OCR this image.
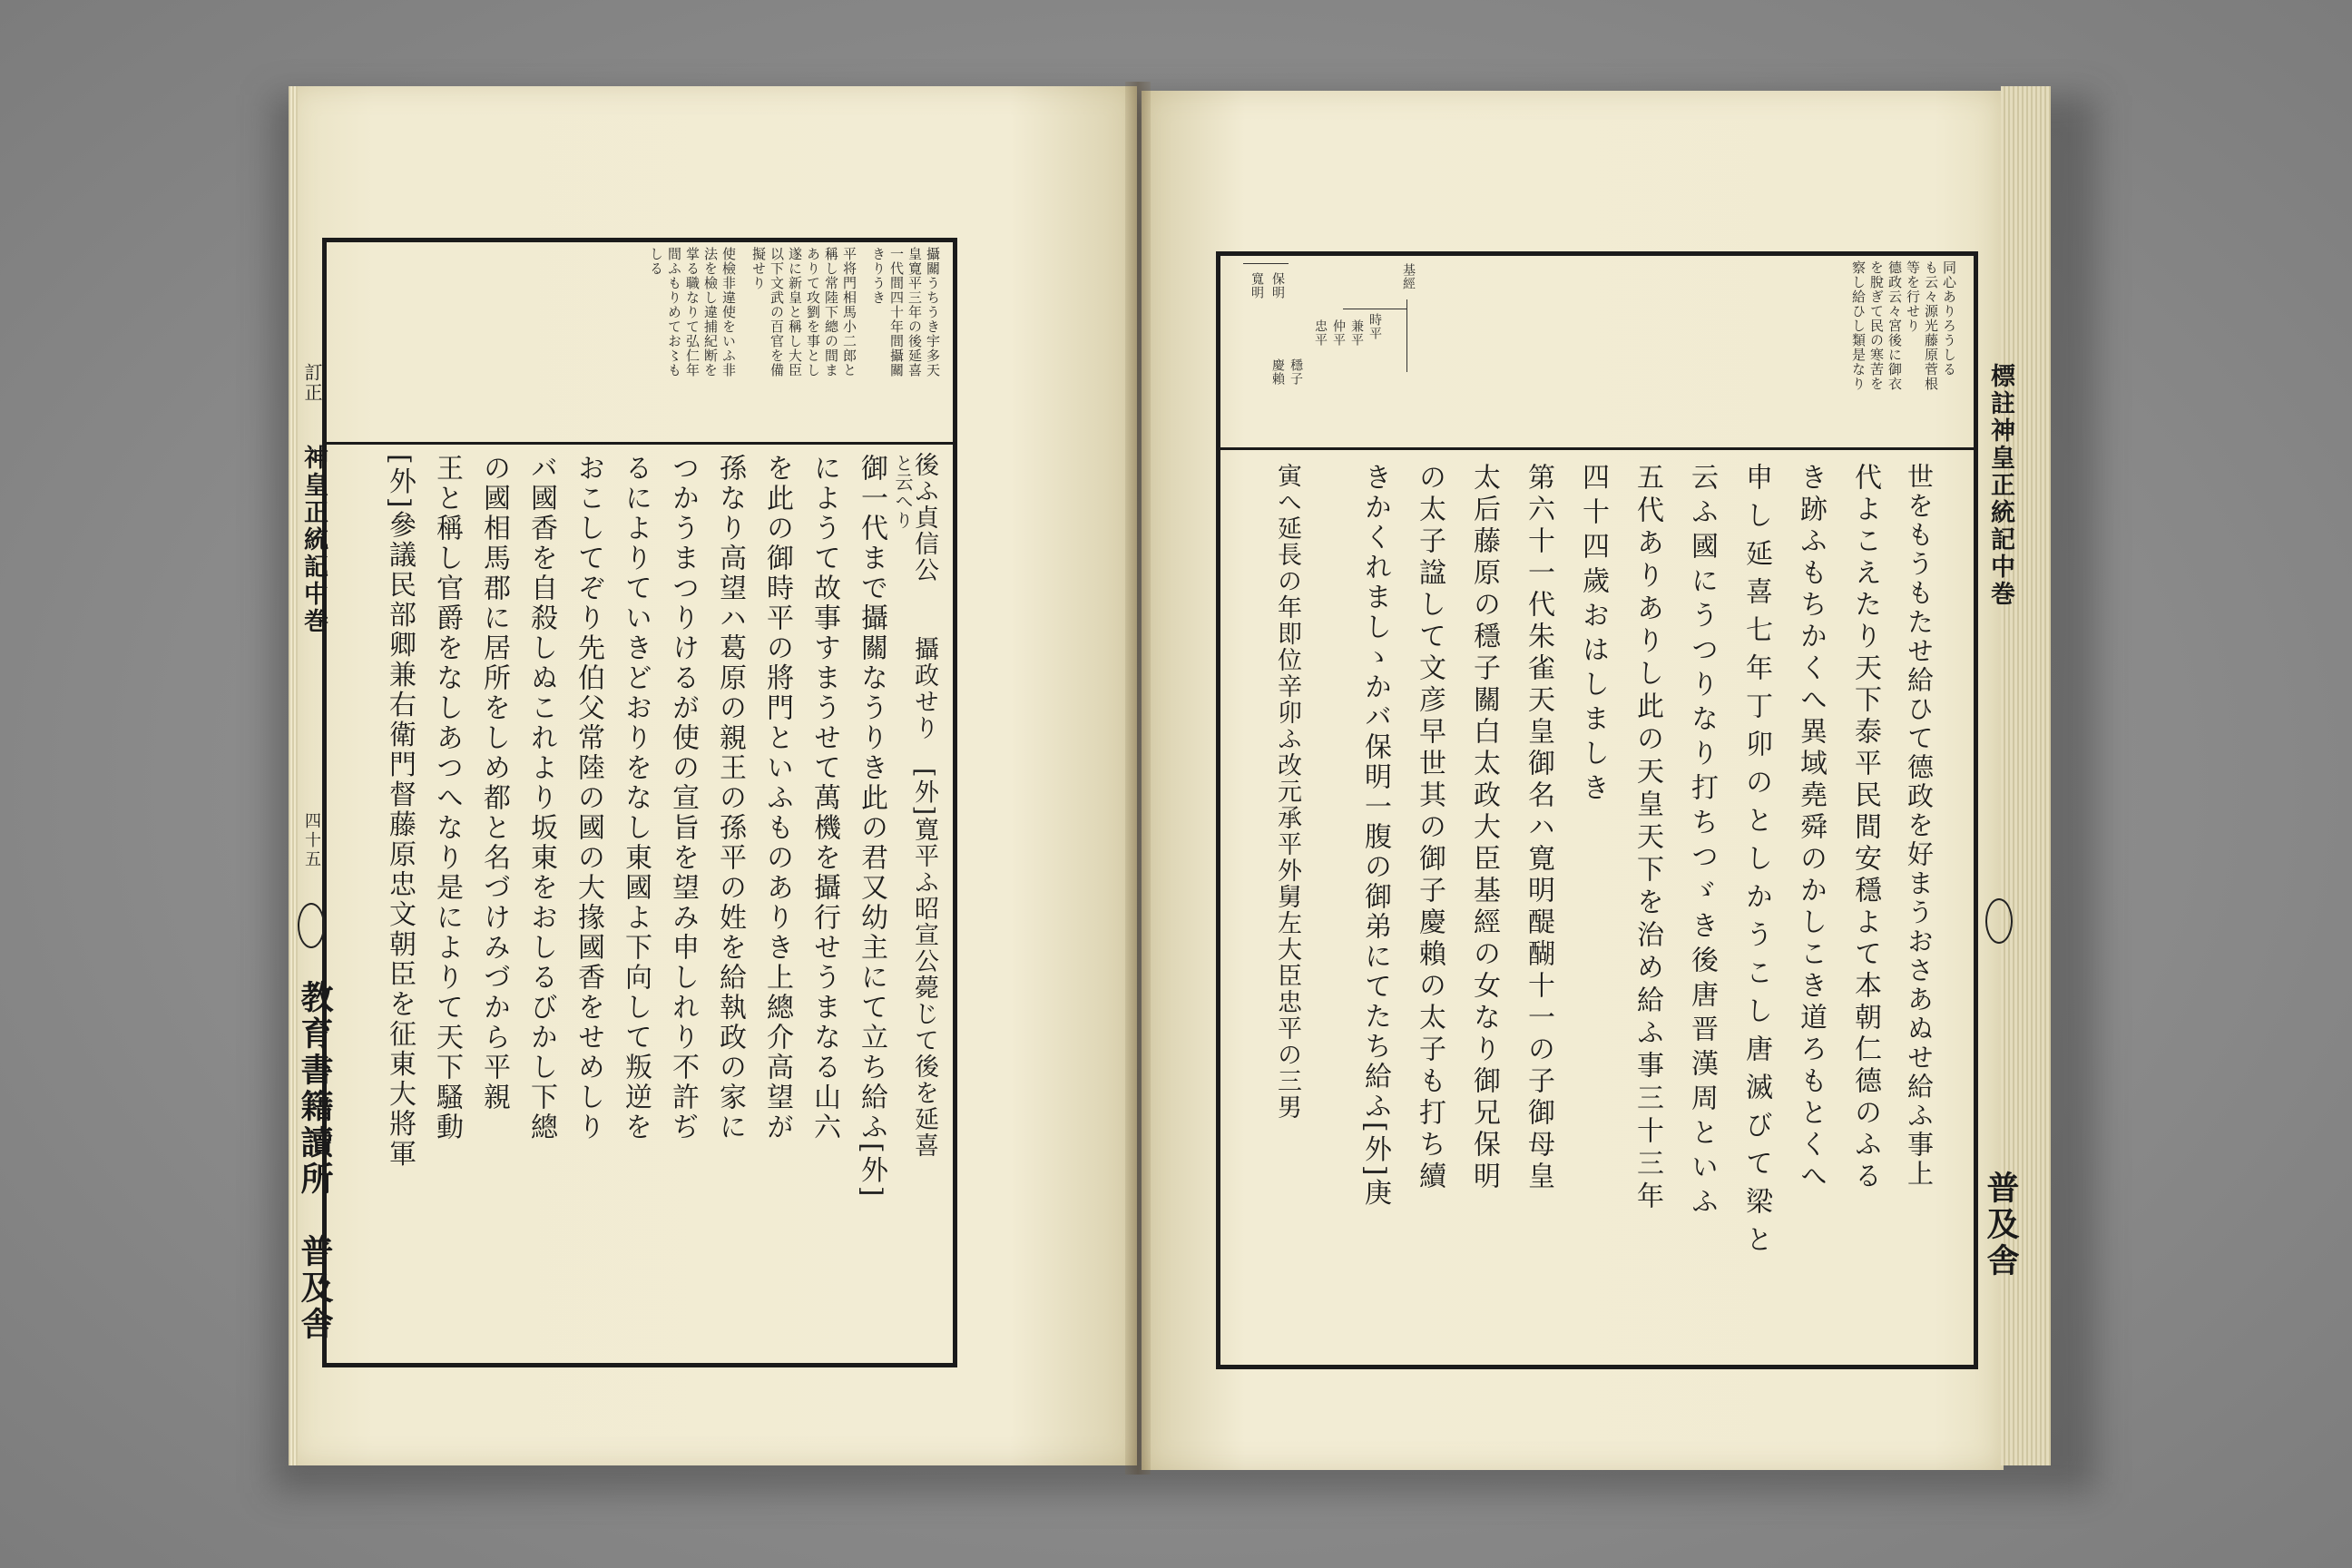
訂正
神皇正統記中巻
四十五
教育書籍讀所　普及舎
攝關うちうき宇多天
皇寛平三年の後延喜
一代間四十年間攝關
きりうき
平将門相馬小二郎と
稱し常陸下總の間ま
ありて攻劉を事とし
遂に新皇と稱し大臣
以下文武の百官を備
擬せり
使檢非違使をいふ非
法を檢し違捕紀断を
掌る職なりて弘仁年
間ふもりめてお〻も
しる
後ふ貞信公　　攝政せり　[外]寛平ふ昭宣公薨じて後を延喜
と云へり
御一代まで攝關なうりき此の君又幼主にて立ち給ふ[外]
にようて故事すまうせて萬機を攝行せうまなる山六
を此の御時平の將門といふものありき上總介高望が
孫なり高望ハ葛原の親王の孫平の姓を給執政の家に
つかうまつりけるが使の宣旨を望み申しれり不許ぢ
るによりていきどおりをなし東國よ下向して叛逆を
おこしてぞり先伯父常陸の國の大掾國香をせめしり
バ國香を自殺しぬこれより坂東をおしるびかし下總
の國相馬郡に居所をしめ都と名づけみづから平親
王と稱し官爵をなしあつへなり是によりて天下騷動
[外]參議民部卿兼右衛門督藤原忠文朝臣を征東大將軍	標註神皇正統記中巻
普及舎
同心ありろうしる
も云々源光藤原菅根
等を行せり
德政云々宮後に御衣
を脫ぎて民の寒苦を
察し給ひし類是なり
基經
時平
兼平
仲平
忠平
穩子
保明
寬明
慶賴
世をもうもたせ給ひて德政を好まうおさあぬせ給ふ事上
代よこえたり天下泰平民間安穩よて本朝仁德のふる
き跡ふもちかくへ異域堯舜のかしこき道ろもとくへ
申し延喜七年丁卯のとしかうこし唐滅びて梁と
云ふ國にうつりなり打ちつゞき後唐晋漢周といふ
五代ありありし此の天皇天下を治め給ふ事三十三年
四十四歲おはしましき
第六十一代朱雀天皇御名ハ寛明醍醐十一の子御母皇
太后藤原の穩子關白太政大臣基經の女なり御兄保明
の太子諡して文彦早世其の御子慶賴の太子も打ち續
きかくれましゝかバ保明一腹の御弟にてたち給ふ[外]庚
寅へ延長の年即位辛卯ふ改元承平外舅左大臣忠平の三男
